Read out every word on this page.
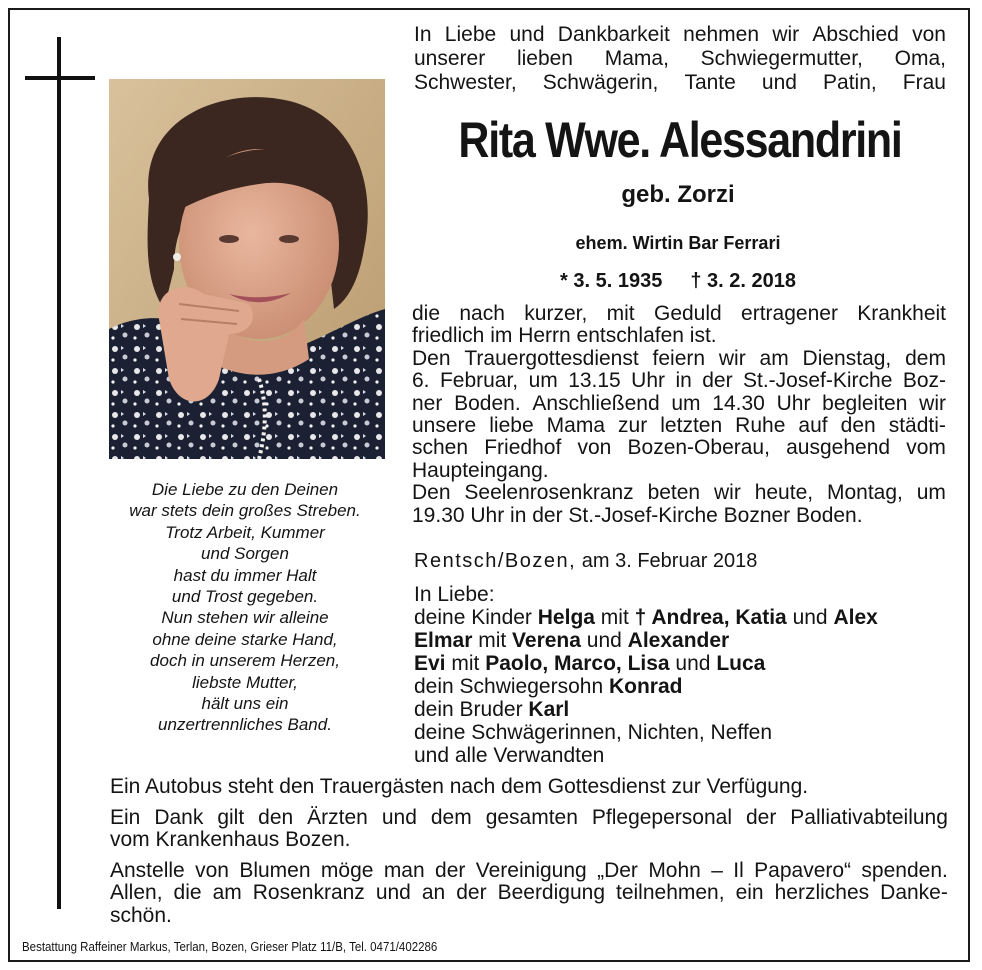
Die Liebe zu den Deinen
war stets dein großes Streben.
Trotz Arbeit, Kummer
und Sorgen
hast du immer Halt
und Trost gegeben.
Nun stehen wir alleine
ohne deine starke Hand,
doch in unserem Herzen,
liebste Mutter,
hält uns ein
unzertrennliches Band.
In Liebe und Dankbarkeit nehmen wir Abschied von
unserer lieben Mama, Schwiegermutter, Oma,
Schwester, Schwägerin, Tante und Patin, Frau
Rita Wwe. Alessandrini
geb. Zorzi
ehem. Wirtin Bar Ferrari
* 3. 5. 1935 † 3. 2. 2018
die nach kurzer, mit Geduld ertragener Krankheit
friedlich im Herrn entschlafen ist.
Den Trauergottesdienst feiern wir am Dienstag, dem
6. Februar, um 13.15 Uhr in der St.-Josef-Kirche Boz-
ner Boden. Anschließend um 14.30 Uhr begleiten wir
unsere liebe Mama zur letzten Ruhe auf den städti-
schen Friedhof von Bozen-Oberau, ausgehend vom
Haupteingang.
Den Seelenrosenkranz beten wir heute, Montag, um
19.30 Uhr in der St.-Josef-Kirche Bozner Boden.
Rentsch/Bozen, am 3. Februar 2018
In Liebe:
deine Kinder Helga mit † Andrea, Katia und Alex
Elmar mit Verena und Alexander
Evi mit Paolo, Marco, Lisa und Luca
dein Schwiegersohn Konrad
dein Bruder Karl
deine Schwägerinnen, Nichten, Neffen
und alle Verwandten
Ein Autobus steht den Trauergästen nach dem Gottesdienst zur Verfügung.
Ein Dank gilt den Ärzten und dem gesamten Pflegepersonal der Palliativabteilung
vom Krankenhaus Bozen.
Anstelle von Blumen möge man der Vereinigung „Der Mohn – Il Papavero“ spenden.
Allen, die am Rosenkranz und an der Beerdigung teilnehmen, ein herzliches Danke-
schön.
Bestattung Raffeiner Markus, Terlan, Bozen, Grieser Platz 11/B, Tel. 0471/402286
